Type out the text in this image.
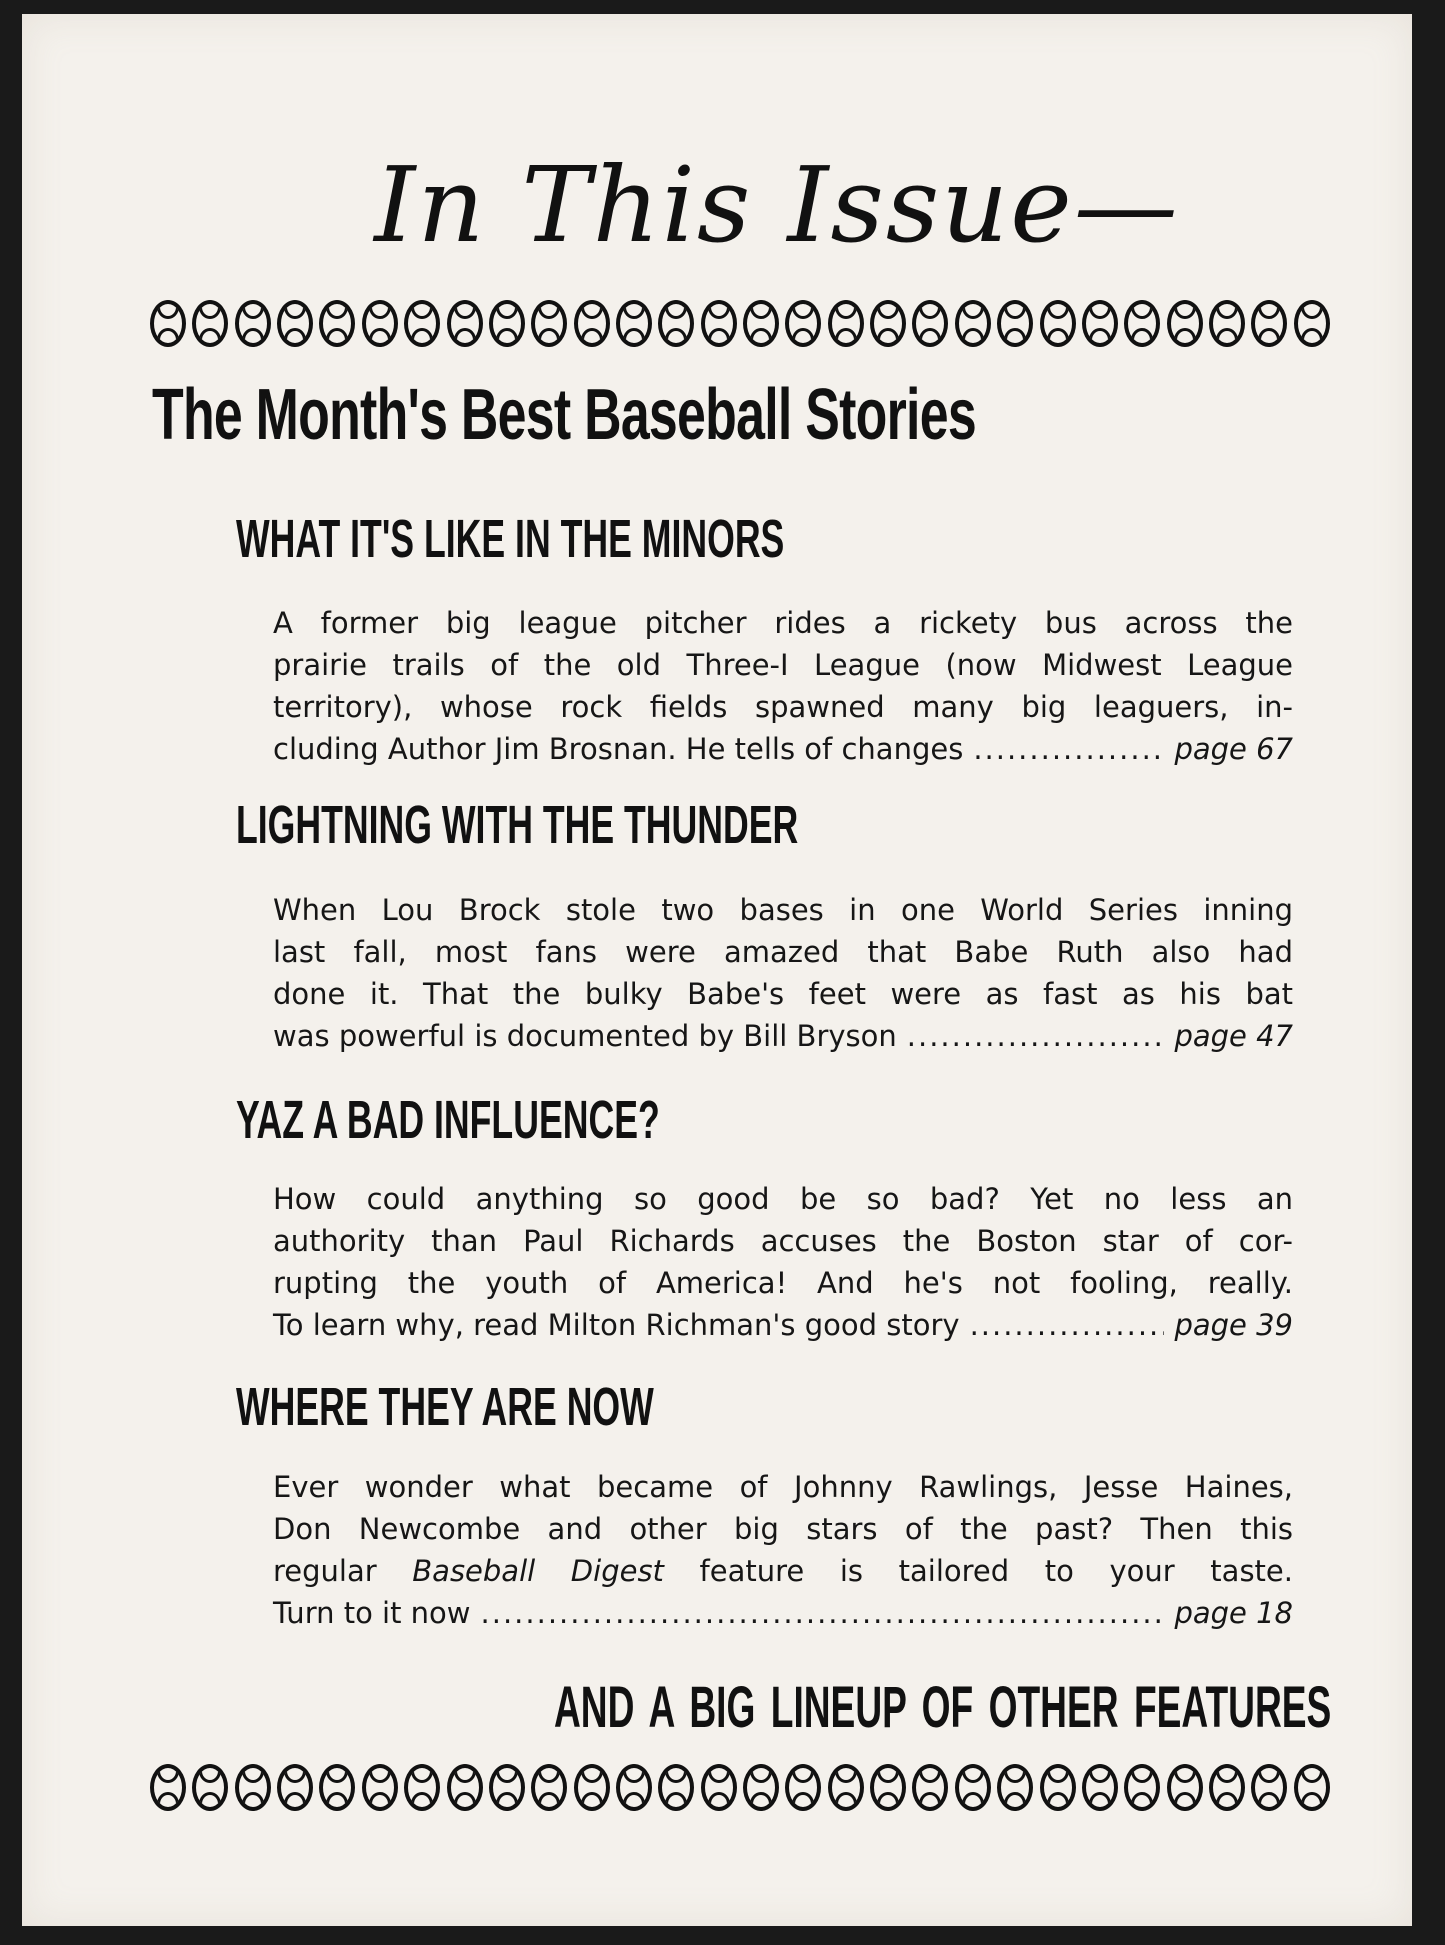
In This Issue—
The Month's Best Baseball Stories
WHAT IT'S LIKE IN THE MINORS
A former big league pitcher rides a rickety bus across the
prairie trails of the old Three-I League (now Midwest League
territory), whose rock fields spawned many big leaguers, in-
cluding Author Jim Brosnan. He tells of changes .....	page 67
LIGHTNING WITH THE THUNDER
When Lou Brock stole two bases in one World Series inning
last fall, most fans were amazed that Babe Ruth also had
done it. That the bulky Babe's feet were as fast as his bat
was powerful is documented by Bill Bryson .....	page 47
YAZ A BAD INFLUENCE?
How could anything so good be so bad? Yet no less an
authority than Paul Richards accuses the Boston star of cor-
rupting the youth of America! And he's not fooling, really.
To learn why, read Milton Richman's good story .....	page 39
WHERE THEY ARE NOW
Ever wonder what became of Johnny Rawlings, Jesse Haines,
Don Newcombe and other big stars of the past? Then this
regular Baseball Digest feature is tailored to your taste.
Turn to it now .....	page 18
AND A BIG LINEUP OF OTHER FEATURES
